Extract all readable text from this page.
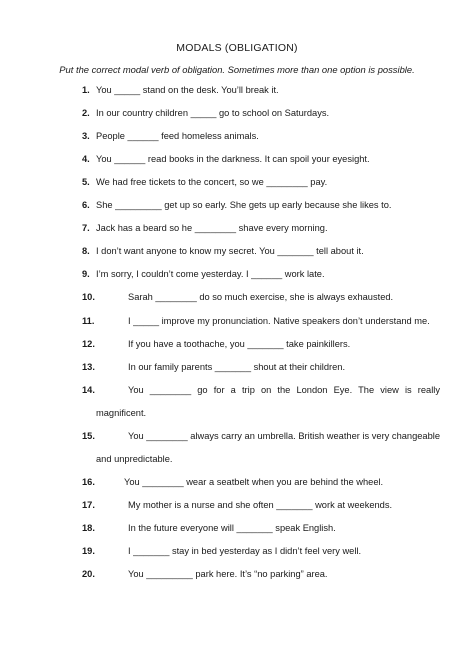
MODALS (OBLIGATION)
Put the correct modal verb of obligation. Sometimes more than one option is possible.
1. You _____ stand on the desk. You’ll break it.
2. In our country children _____ go to school on Saturdays.
3. People ______ feed homeless animals.
4. You ______ read books in the darkness. It can spoil your eyesight.
5. We had free tickets to the concert, so we ________ pay.
6. She _________ get up so early. She gets up early because she likes to.
7. Jack has a beard so he ________ shave every morning.
8. I don’t want anyone to know my secret. You _______ tell about it.
9. I’m sorry, I couldn’t come yesterday. I ______ work late.
10.	Sarah ________ do so much exercise, she is always exhausted.
11.	I _____ improve my pronunciation. Native speakers don’t understand me.
12.	If you have a toothache, you _______ take painkillers.
13.	In our family parents _______ shout at their children.
14.	You ________ go for a trip on the London Eye. The view is really
magnificent.
15.	You ________ always carry an umbrella. British weather is very changeable
and unpredictable.
16.	You ________ wear a seatbelt when you are behind the wheel.
17.	My mother is a nurse and she often _______ work at weekends.
18.	In the future everyone will _______ speak English.
19.	I _______ stay in bed yesterday as I didn’t feel very well.
20.	You _________ park here. It’s “no parking” area.
